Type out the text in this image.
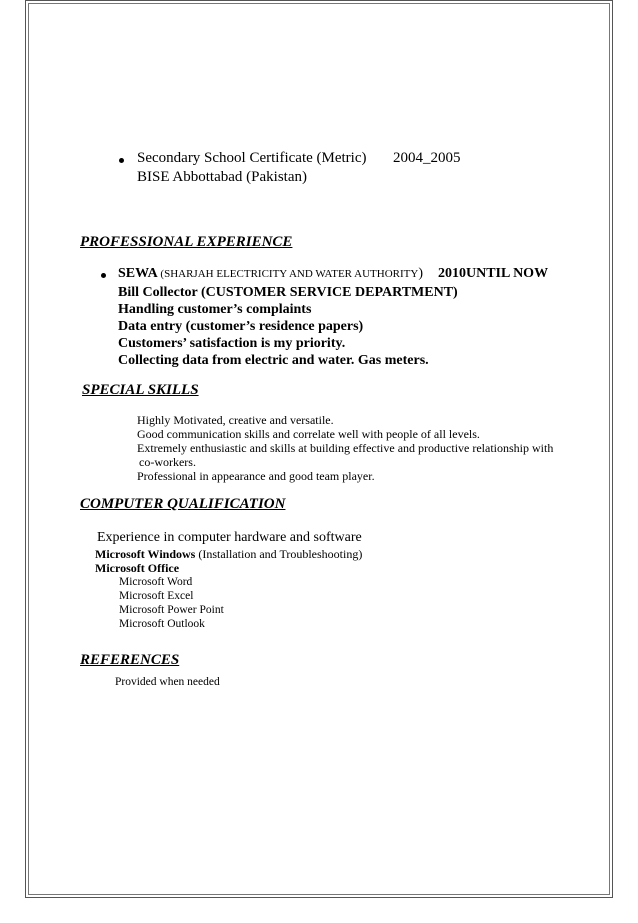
Secondary School Certificate (Metric) 2004_2005
BISE Abbottabad (Pakistan)
PROFESSIONAL EXPERIENCE
SEWA (SHARJAH ELECTRICITY AND WATER AUTHORITY) 2010UNTIL NOW
Bill Collector (CUSTOMER SERVICE DEPARTMENT)
Handling customer’s complaints
Data entry (customer’s residence papers)
Customers’ satisfaction is my priority.
Collecting data from electric and water. Gas meters.
SPECIAL SKILLS
Highly Motivated, creative and versatile.
Good communication skills and correlate well with people of all levels.
Extremely enthusiastic and skills at building effective and productive relationship with
co-workers.
Professional in appearance and good team player.
COMPUTER QUALIFICATION
Experience in computer hardware and software
Microsoft Windows (Installation and Troubleshooting)
Microsoft Office
Microsoft Word
Microsoft Excel
Microsoft Power Point
Microsoft Outlook
REFERENCES
Provided when needed
